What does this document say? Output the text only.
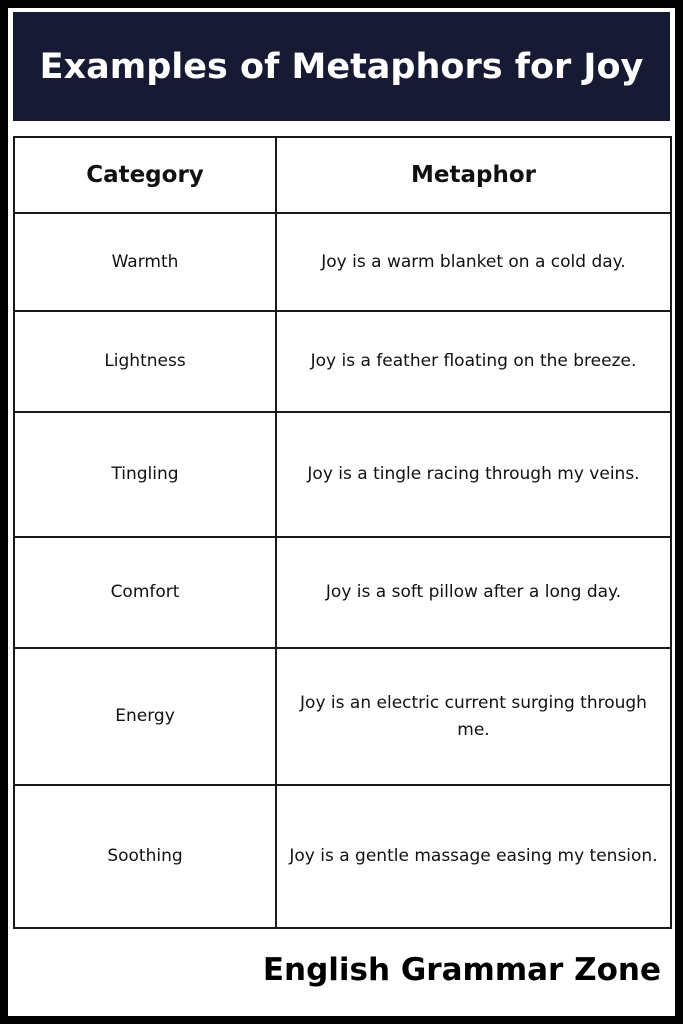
Examples of Metaphors for Joy
Category	Metaphor
Warmth	Joy is a warm blanket on a cold day.
Lightness	Joy is a feather floating on the breeze.
Tingling	Joy is a tingle racing through my veins.
Comfort	Joy is a soft pillow after a long day.
Energy	Joy is an electric current surging through me.
Soothing	Joy is a gentle massage easing my tension.
English Grammar Zone
